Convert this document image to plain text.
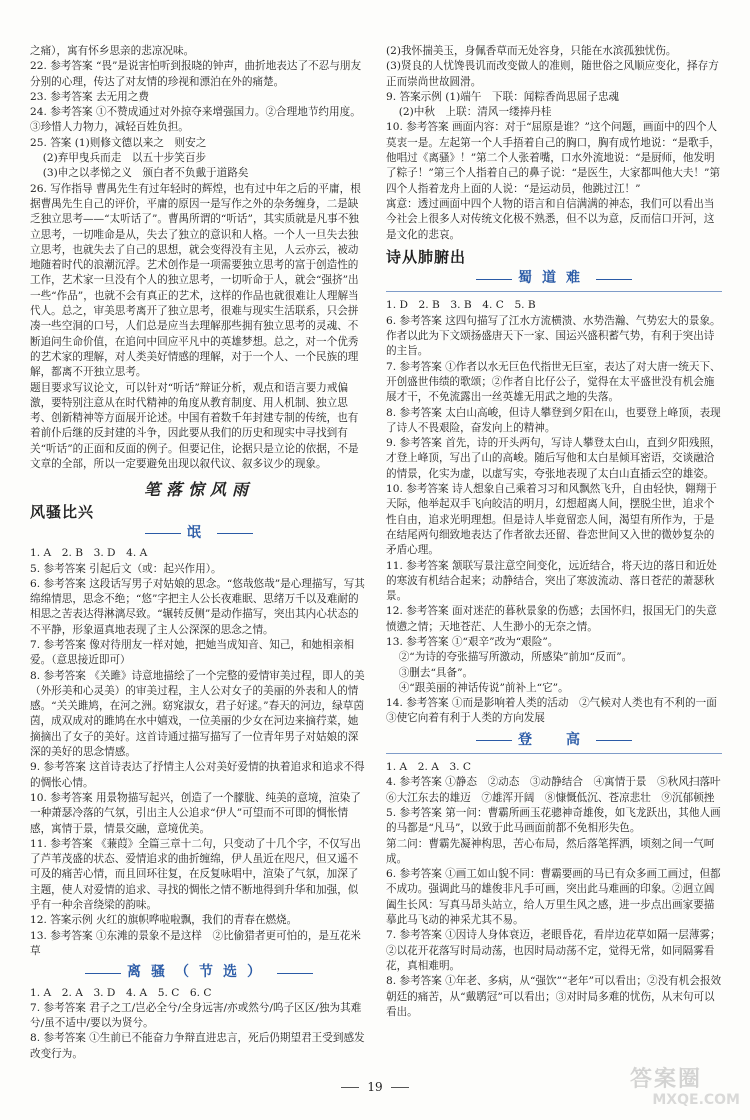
之痛），寓有怀乡思亲的悲凉况味。

22. 参考答案 “畏”是说害怕听到报晓的钟声，曲折地表达了不忍与朋友分别的心理，传达了对友情的珍视和漂泊在外的痛楚。

23. 参考答案 去无用之费

24. 参考答案 ①不赞成通过对外掠夺来增强国力。②合理地节约用度。③珍惜人力物力，减轻百姓负担。

25. 答案 (1)则修文德以来之　则安之

(2)弃甲曳兵而走　以五十步笑百步

(3)申之以孝悌之义　颁白者不负戴于道路矣

26. 写作指导 曹禺先生有过年轻时的辉煌，也有过中年之后的平庸，根据曹禺先生自己的评价，平庸的原因一是写作之外的杂务缠身，二是缺乏独立思考——“太听话了”。曹禺所谓的“听话”，其实质就是凡事不独立思考，一切唯命是从，失去了独立的意识和人格。一个人一旦失去独立思考，也就失去了自己的思想，就会变得没有主见，人云亦云，被动地随着时代的浪潮沉浮。艺术创作是一项需要独立思考的富于创造性的工作，艺术家一旦没有个人的独立思考，一切听命于人，就会“强挤”出一些“作品”，也就不会有真正的艺术，这样的作品也就很难让人理解当代人。总之，审美思考离开了独立思考，很难与现实生活联系，只会拼凑一些空洞的口号，人们总是应当去理解那些拥有独立思考的灵魂、不断追问生命价值，在追问中回应平凡中的英雄梦想。总之，对一个优秀的艺术家的理解，对人类美好情感的理解，对于一个人、一个民族的理解，都离不开独立思考。

题目要求写议论文，可以针对“听话”辩证分析，观点和语言要力戒偏激，要特别注意从在时代精神的角度从教育制度、用人机制、独立思考、创新精神等方面展开论述。中国有着数千年封建专制的传统，也有着前仆后继的反封建的斗争，因此要从我们的历史和现实中寻找到有关“听话”的正面和反面的例子。但要记住，论据只是立论的依据，不是文章的全部，所以一定要避免出现以叙代议、叙多议少的现象。

笔落惊风雨
风骚比兴
氓

1. A　2. B　3. D　4. A

5. 参考答案 引起后文（或：起兴作用）。

6. 参考答案 这段话写男子对姑娘的思念。“悠哉悠哉”是心理描写，写其绵绵情思，思念不绝；“悠”字把主人公长夜难眠、思绪万千以及难耐的相思之苦表达得淋漓尽致。“辗转反侧”是动作描写，突出其内心状态的不平静，形象逼真地表现了主人公深深的思念之情。

7. 参考答案 像对待朋友一样对她，把她当成知音、知己，和她相亲相爱。（意思接近即可）

8. 参考答案 《关雎》诗意地描绘了一个完整的爱情审美过程，即人的美（外形美和心灵美）的审美过程，主人公对女子的美丽的外表和人的情感。“关关雎鸠，在河之洲。窈窕淑女，君子好逑。”春天的河边，绿草茵茵，成双成对的雎鸠在水中嬉戏，一位美丽的少女在河边来摘荇菜，她摘摘出了女子的美好。这首诗通过描写描写了一位青年男子对姑娘的深深的美好的思念情感。

9. 参考答案 这首诗表达了抒情主人公对美好爱情的执着追求和追求不得的惆怅心情。

10. 参考答案 用景物描写起兴，创造了一个朦胧、纯美的意境，渲染了一种萧瑟冷落的气氛，引出主人公追求“伊人”可望而不可即的惆怅情感，寓情于景，情景交融，意境优美。

11. 参考答案 《蒹葭》全篇三章十二句，只变动了十几个字，不仅写出了芦苇茂盛的状态、爱情追求的曲折缠绵，伊人虽近在咫尺，但又遥不可及的痛苦心情，而且回环往复，在反复咏唱中，渲染了气氛，加深了主题，使人对爱情的追求、寻找的惆怅之情不断地得到升华和加强，似乎有一种余音绕梁的韵味。

12. 答案示例 火红的旗帜哗啦啦飘，我们的青春在燃烧。

13. 参考答案 ①东滩的景象不是这样　②比偷猎者更可怕的，是互花米草

离骚（节选）

1. A　2. A　3. D　4. A　5. C　6. C

7. 参考答案 君子之工/岂必全兮/全身远害/亦或然兮/呜子区区/独为其难兮/虽不适中/要以为贤兮。

8. 参考答案 ①生前已不能奋力争辩直进忠言，死后仍期望君王受到感发改变行为。

(2)我怀揣美玉，身佩香草而无处容身，只能在水滨孤独忧伤。

(3)贤良的人忧馋畏讥而改变做人的准则，随世俗之风顺应变化，择存方正而崇尚世故圆滑。

9. 答案示例 (1)端午　下联：闻粽香尚思屈子忠魂

(2)中秋　上联：清风一缕捧丹桂

10. 参考答案 画面内容：对于“屈原是谁？”这个问题，画面中的四个人莫衷一是。左起第一个人手捂着自己的胸口，胸有成竹地说：“是歌手，他唱过《离骚》！”第二个人张着嘴，口水外流地说：“是厨师，他发明了粽子！”第三个人指着自己的鼻子说：“是医生，大家都叫他大夫！”第四个人指着龙舟上面的人说：“是运动员，他跳过江！”

寓意：透过画面中四个人物的语言和自信满满的神态，我们可以看出当今社会上很多人对传统文化极不熟悉，但不以为意，反而信口开河，这是文化的悲哀。

诗从肺腑出
蜀道难

1. D　2. B　3. B　4. C　5. B

6. 参考答案 这四句描写了江水方流横溃、水势浩瀚、气势宏大的景象。作者以此为下文颂扬盛唐天下一家、国运兴盛积蓄气势，有利于突出诗的主旨。

7. 参考答案 ①作者以水无巨色代指世无巨室，表达了对大唐一统天下、开创盛世伟绩的歌颂；②作者自比仔公子，觉得在太平盛世没有机会施展才干，不免流露出一丝英雄无用武之地的失落。

8. 参考答案 太白山高峻，但诗人攀登到夕阳在山，也要登上峰顶，表现了诗人不畏艰险，奋发向上的精神。

9. 参考答案 首先，诗的开头两句，写诗人攀登太白山，直到夕阳残照，才登上峰顶，写出了山的高峻。随后写他和太白星倾耳密语，交谈融洽的情景，化实为虚，以虚写实，夸张地表现了太白山直插云空的雄姿。

10. 参考答案 诗人想象自己乘着习习和风飘然飞升，自由轻快，翱翔于天际，他举起双手飞向皎洁的明月，幻想超离人间，摆脱尘世，追求个性自由，追求光明理想。但是诗人毕竟留恋人间，渴望有所作为，于是在结尾两句细致地表达了作者欲去还留、眷恋世间又入世的微妙复杂的矛盾心理。

11. 参考答案 颔联写景注意空间变化，远近结合，将天边的落日和近处的寒波有机结合起来；动静结合，突出了寒波流动、落日苍茫的萧瑟秋景。

12. 参考答案 面对迷茫的暮秋景象的伤感；去国怀归，报国无门的失意愤懑之情；天地苍茫、人生渺小的无奈之情。

13. 参考答案 ①“艰辛”改为“艰险”。

②“为诗的夸张描写所激动，所感染”前加“反而”。

③删去“具备”。

④“跟美丽的神话传说”前补上“它”。

14. 参考答案 ①而是影响着人类的活动　②气候对人类也有不利的一面　③使它向着有利于人类的方向发展

登　高

1. A　2. A　3. C

4. 参考答案 ①静态　②动态　③动静结合　④寓情于景　⑤秋风扫落叶　⑥大江东去的雄迈　⑦雄浑开阔　⑧慷慨低沉、苍凉悲壮　⑨沉郁顿挫

5. 参考答案 第一问：曹霸所画玉花骢神奇雄俊，如飞龙跃出，其他人画的马都是“凡马”，以致于此马画面前都不免相形失色。

第二问：曹霸先凝神构思，苦心布局，然后落笔挥洒，顷刻之间一气呵成。

6. 参考答案 ①画工如山貌不同：曹霸要画的马已有众多画工画过，但都不成功。强调此马的雄俊非凡手可画，突出此马难画的印象。②迥立阊阖生长风：写真马昂头站立，给人万里生风之感，进一步点出画家要描摹此马飞动的神采尤其不易。

7. 参考答案 ①因诗人身体衰迈，老眼昏花，看岸边花草如隔一层薄雾；②以花开花落写时局动荡，也因时局动荡不定，觉得无常，如同隔雾看花，真相难明。

8. 参考答案 ①年老、多病，从“强饮”“老年”可以看出；②没有机会报效朝廷的痛苦，从“戴鹖冠”可以看出；③对时局多难的忧伤，从末句可以看出。

19	答案圈
MXQE.COM
